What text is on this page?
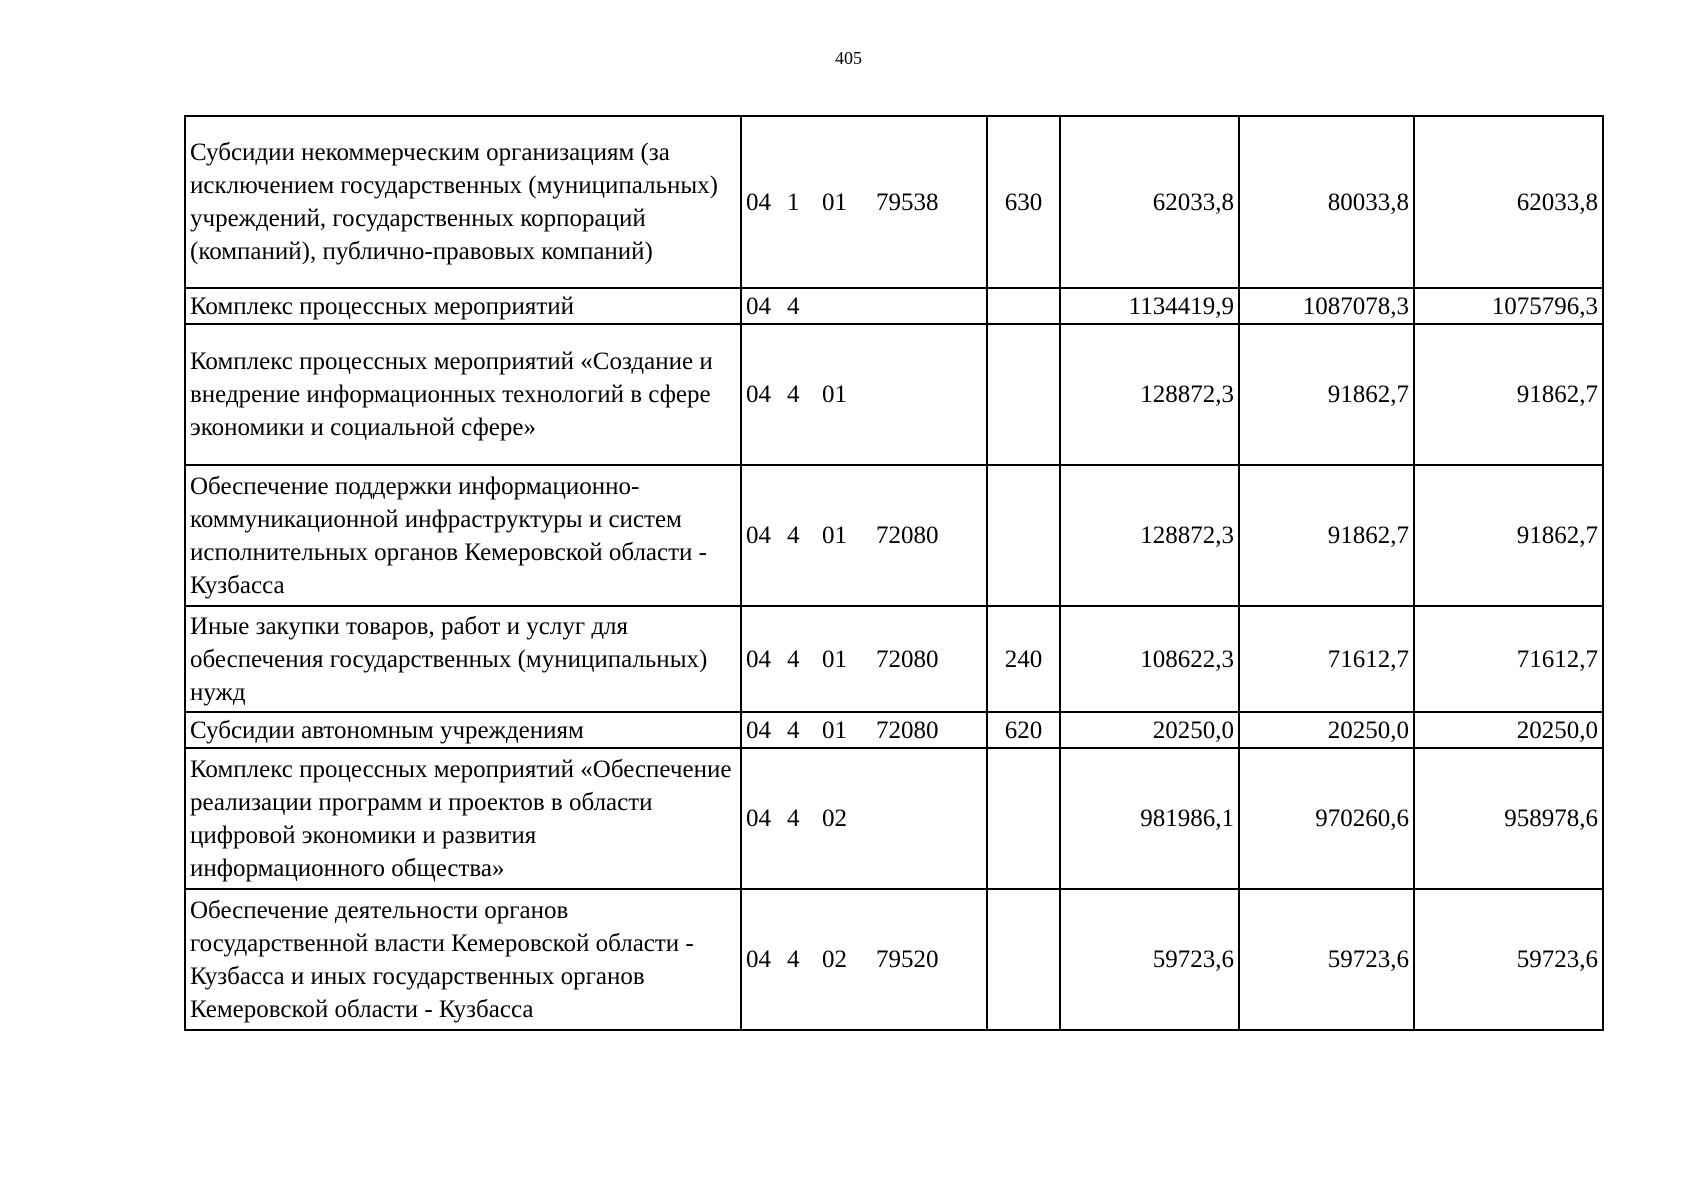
405
Субсидии некоммерческим организациям (за исключением государственных (муниципальных) учреждений, государственных корпораций (компаний), публично-правовых компаний)	04 1 01 79538	630	62033,8	80033,8	62033,8
Комплекс процессных мероприятий	04 4		1134419,9	1087078,3	1075796,3
Комплекс процессных мероприятий «Создание и внедрение информационных технологий в сфере экономики и социальной сфере»	04 4 01		128872,3	91862,7	91862,7
Обеспечение поддержки информационно-коммуникационной инфраструктуры и систем исполнительных органов Кемеровской области - Кузбасса	04 4 01 72080		128872,3	91862,7	91862,7
Иные закупки товаров, работ и услуг для обеспечения государственных (муниципальных) нужд	04 4 01 72080	240	108622,3	71612,7	71612,7
Субсидии автономным учреждениям	04 4 01 72080	620	20250,0	20250,0	20250,0
Комплекс процессных мероприятий «Обеспечение реализации программ и проектов в области цифровой экономики и развития информационного общества»	04 4 02		981986,1	970260,6	958978,6
Обеспечение деятельности органов государственной власти Кемеровской области - Кузбасса и иных государственных органов Кемеровской области - Кузбасса	04 4 02 79520		59723,6	59723,6	59723,6
